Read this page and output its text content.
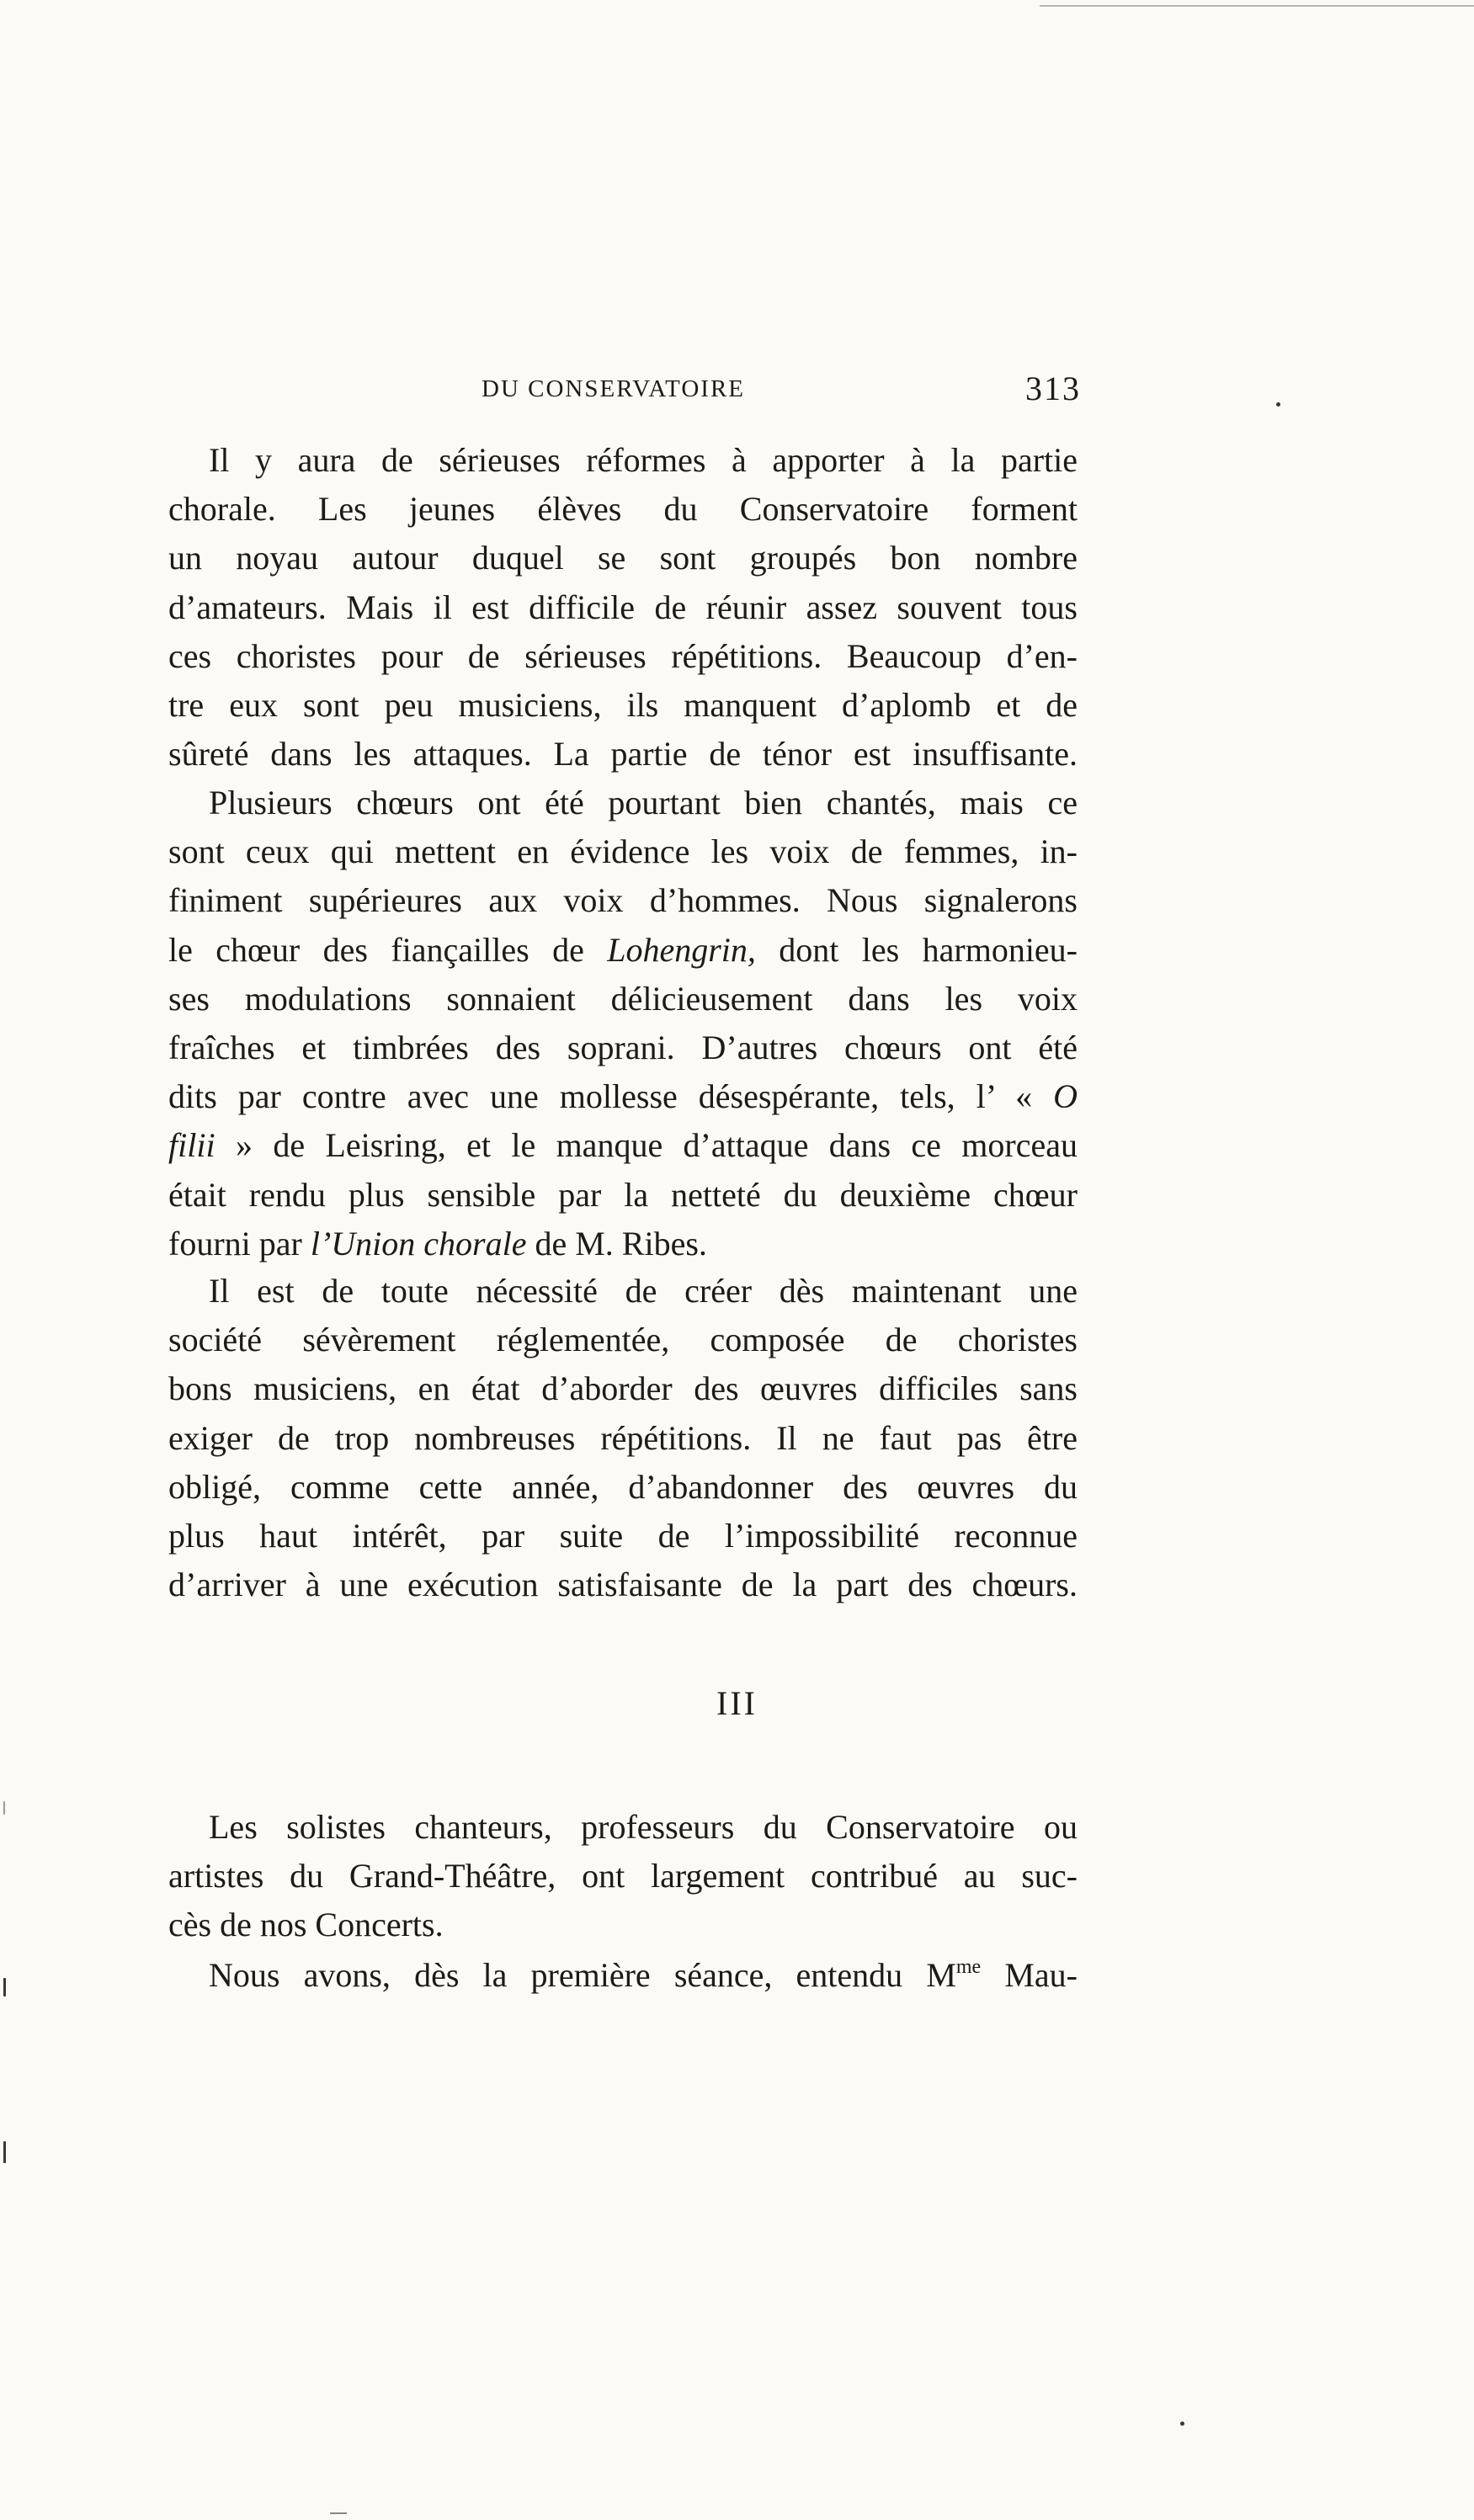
DU CONSERVATOIRE	313
Il y aura de sérieuses réformes à apporter à la partie
chorale. Les jeunes élèves du Conservatoire forment
un noyau autour duquel se sont groupés bon nombre
d’amateurs. Mais il est difficile de réunir assez souvent tous
ces choristes pour de sérieuses répétitions. Beaucoup d’en-
tre eux sont peu musiciens, ils manquent d’aplomb et de
sûreté dans les attaques. La partie de ténor est insuffisante.
Plusieurs chœurs ont été pourtant bien chantés, mais ce
sont ceux qui mettent en évidence les voix de femmes, in-
finiment supérieures aux voix d’hommes. Nous signalerons
le chœur des fiançailles de Lohengrin, dont les harmonieu-
ses modulations sonnaient délicieusement dans les voix
fraîches et timbrées des soprani. D’autres chœurs ont été
dits par contre avec une mollesse désespérante, tels, l’ « O
filii » de Leisring, et le manque d’attaque dans ce morceau
était rendu plus sensible par la netteté du deuxième chœur
fourni par l’Union chorale de M. Ribes.
Il est de toute nécessité de créer dès maintenant une
société sévèrement réglementée, composée de choristes
bons musiciens, en état d’aborder des œuvres difficiles sans
exiger de trop nombreuses répétitions. Il ne faut pas être
obligé, comme cette année, d’abandonner des œuvres du
plus haut intérêt, par suite de l’impossibilité reconnue
d’arriver à une exécution satisfaisante de la part des chœurs.
III
Les solistes chanteurs, professeurs du Conservatoire ou
artistes du Grand-Théâtre, ont largement contribué au suc-
cès de nos Concerts.
Nous avons, dès la première séance, entendu $M^{me}$ Mau-
